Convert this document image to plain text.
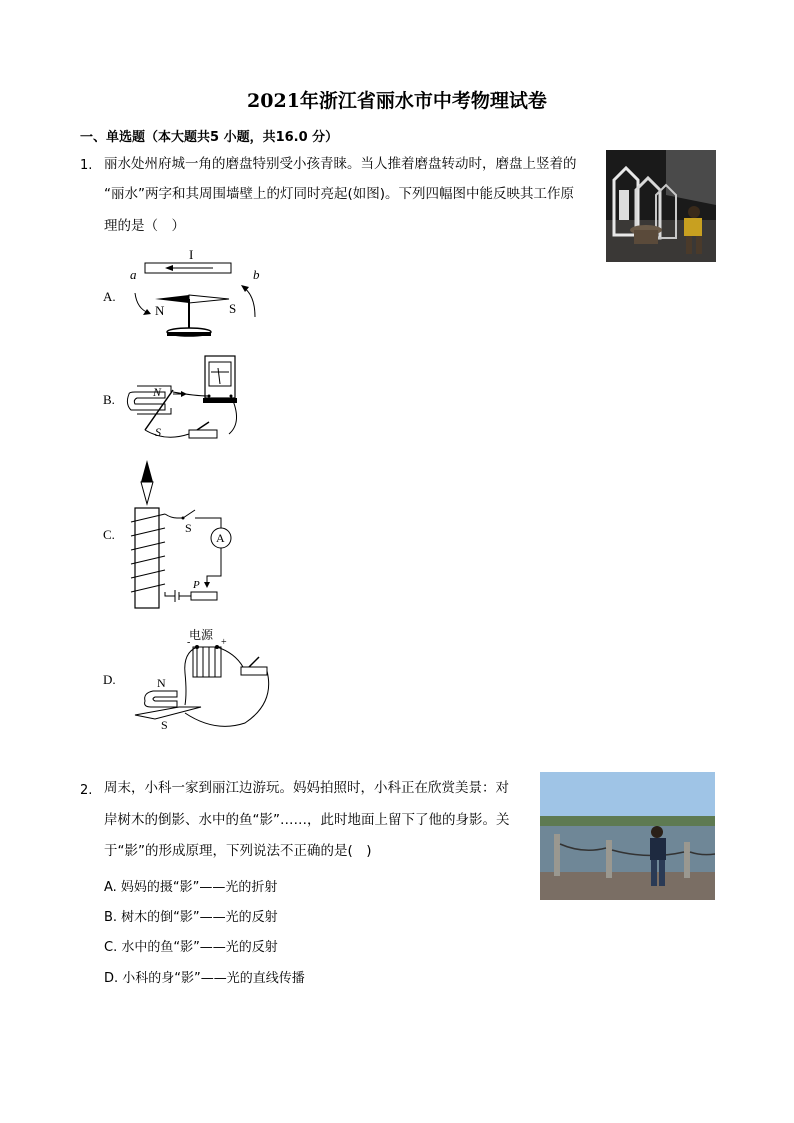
2021年浙江省丽水市中考物理试卷
一、单选题（本大题共5 小题，共16.0 分）
1. 丽水处州府城一角的磨盘特别受小孩青睐。当人推着磨盘转动时，磨盘上竖着的
“丽水”两字和其周围墙壁上的灯同时亮起(如图)。下列四幅图中能反映其工作原
理的是（　）
A.
I
a	b
N	S
B.	N
S
C.	S
A
P
D.
电源
-	+
N
S
2. 周末，小科一家到丽江边游玩。妈妈拍照时，小科正在欣赏美景：对
岸树木的倒影、水中的鱼“影”……，此时地面上留下了他的身影。关
于“影”的形成原理，下列说法不正确的是(　)
A. 妈妈的摄“影”——光的折射
B. 树木的倒“影”——光的反射
C. 水中的鱼“影”——光的反射
D. 小科的身“影”——光的直线传播
